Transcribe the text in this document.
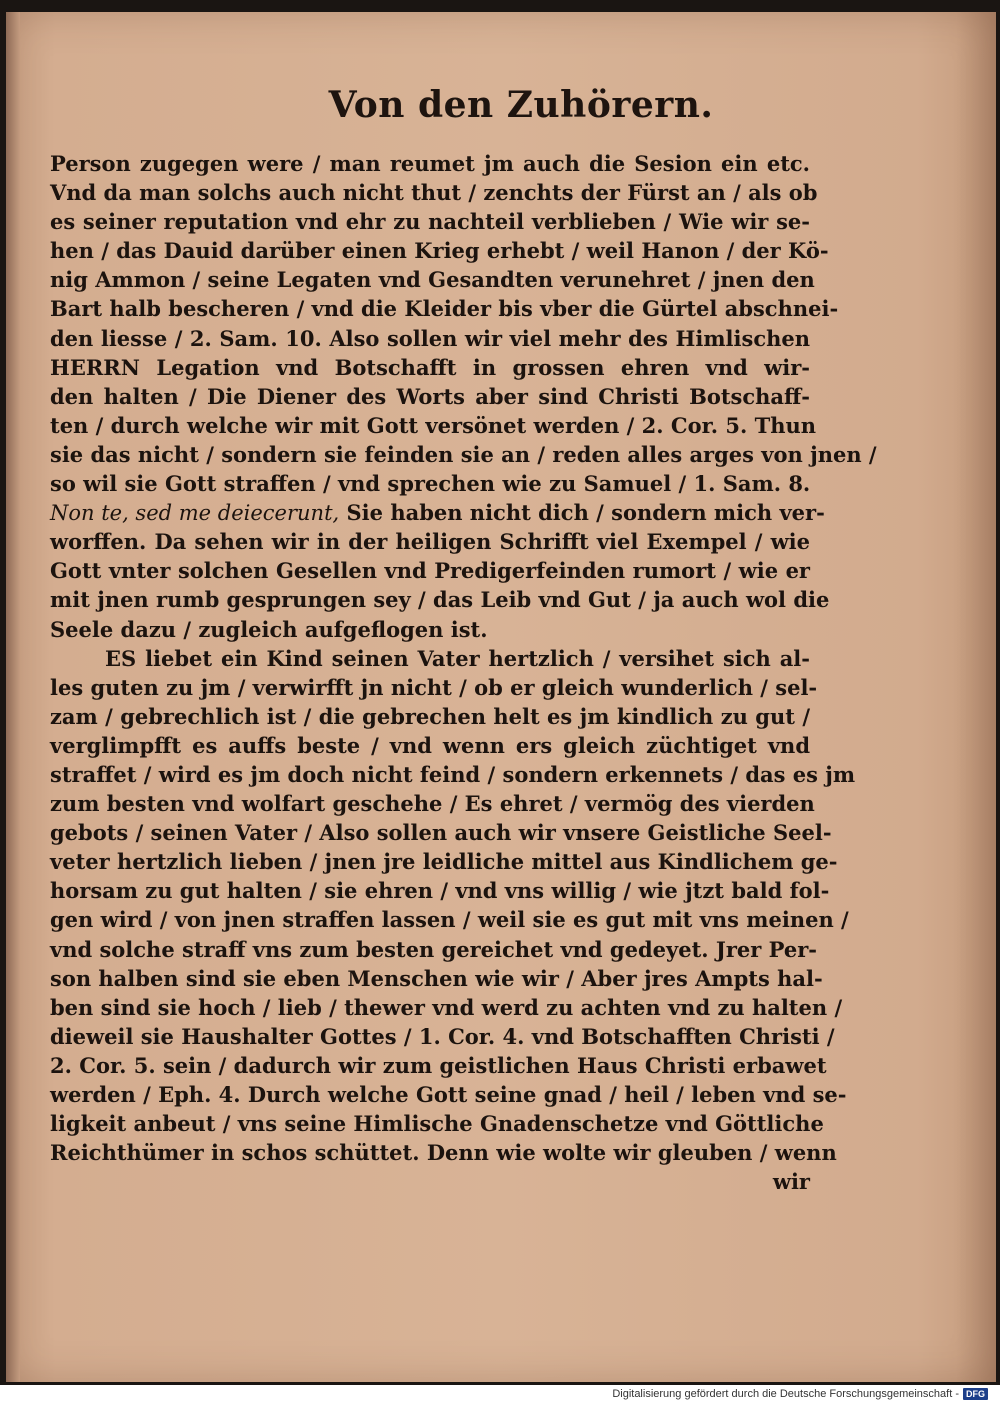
Von den Zuhörern.
Person zugegen were / man reumet jm auch die Sesion ein etc.
Vnd da man solchs auch nicht thut / zenchts der Fürst an / als ob
es seiner reputation vnd ehr zu nachteil verblieben / Wie wir se-
hen / das Dauid darüber einen Krieg erhebt / weil Hanon / der Kö-
nig Ammon / seine Legaten vnd Gesandten verunehret / jnen den
Bart halb bescheren / vnd die Kleider bis vber die Gürtel abschnei-
den liesse / 2. Sam. 10. Also sollen wir viel mehr des Himlischen
HERRN Legation vnd Botschafft in grossen ehren vnd wir-
den halten / Die Diener des Worts aber sind Christi Botschaff-
ten / durch welche wir mit Gott versönet werden / 2. Cor. 5. Thun
sie das nicht / sondern sie feinden sie an / reden alles arges von jnen /
so wil sie Gott straffen / vnd sprechen wie zu Samuel / 1. Sam. 8.
Non te, sed me deiecerunt, Sie haben nicht dich / sondern mich ver-
worffen. Da sehen wir in der heiligen Schrifft viel Exempel / wie
Gott vnter solchen Gesellen vnd Predigerfeinden rumort / wie er
mit jnen rumb gesprungen sey / das Leib vnd Gut / ja auch wol die
Seele dazu / zugleich aufgeflogen ist.
ES liebet ein Kind seinen Vater hertzlich / versihet sich al-
les guten zu jm / verwirfft jn nicht / ob er gleich wunderlich / sel-
zam / gebrechlich ist / die gebrechen helt es jm kindlich zu gut /
verglimpfft es auffs beste / vnd wenn ers gleich züchtiget vnd
straffet / wird es jm doch nicht feind / sondern erkennets / das es jm
zum besten vnd wolfart geschehe / Es ehret / vermög des vierden
gebots / seinen Vater / Also sollen auch wir vnsere Geistliche Seel-
veter hertzlich lieben / jnen jre leidliche mittel aus Kindlichem ge-
horsam zu gut halten / sie ehren / vnd vns willig / wie jtzt bald fol-
gen wird / von jnen straffen lassen / weil sie es gut mit vns meinen /
vnd solche straff vns zum besten gereichet vnd gedeyet. Jrer Per-
son halben sind sie eben Menschen wie wir / Aber jres Ampts hal-
ben sind sie hoch / lieb / thewer vnd werd zu achten vnd zu halten /
dieweil sie Haushalter Gottes / 1. Cor. 4. vnd Botschafften Christi /
2. Cor. 5. sein / dadurch wir zum geistlichen Haus Christi erbawet
werden / Eph. 4. Durch welche Gott seine gnad / heil / leben vnd se-
ligkeit anbeut / vns seine Himlische Gnadenschetze vnd Göttliche
Reichthümer in schos schüttet. Denn wie wolte wir gleuben / wenn
wir
Digitalisierung gefördert durch die Deutsche Forschungsgemeinschaft - DFG
